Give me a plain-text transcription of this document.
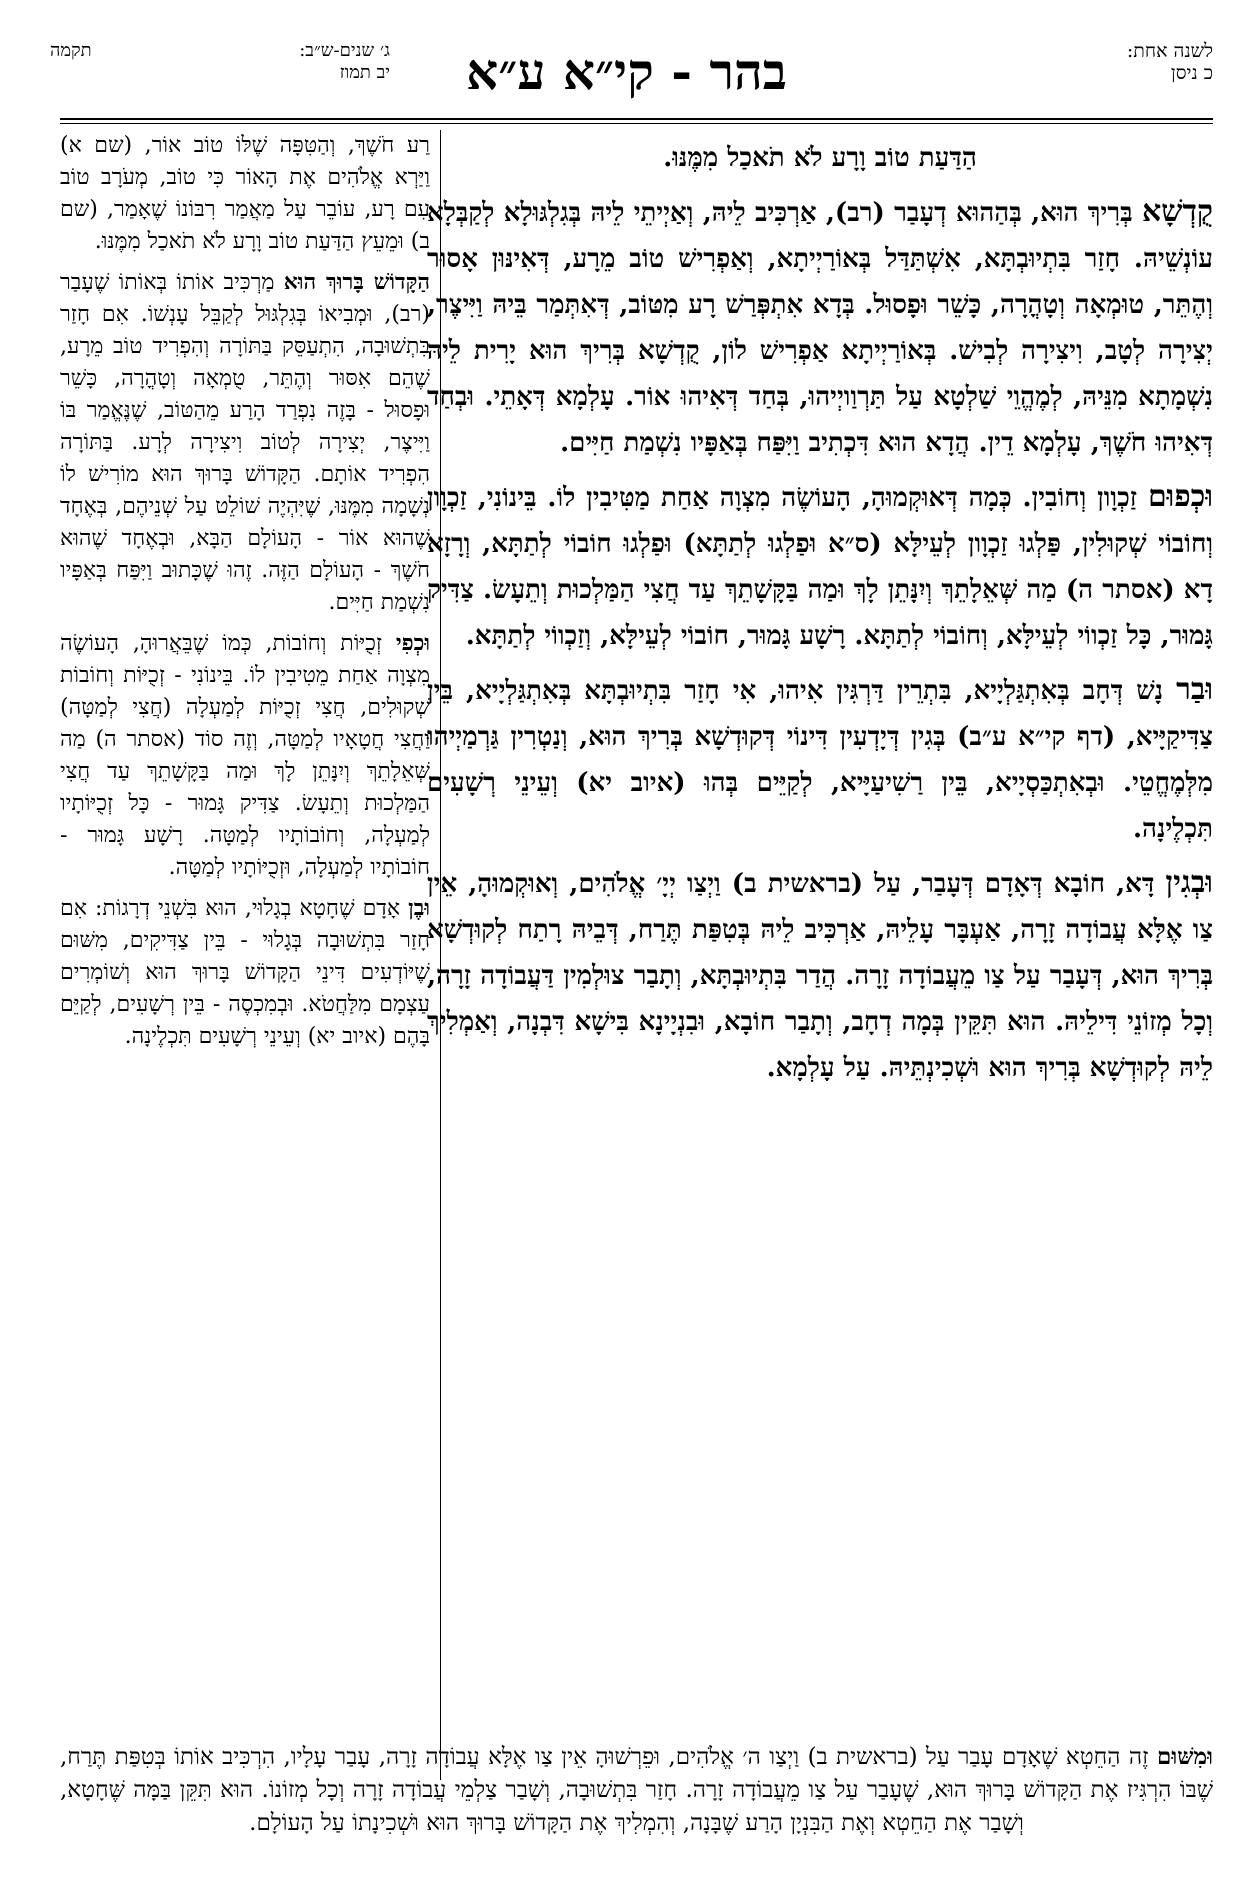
לשנה אחת:
כ ניסן
בהר - קי״א ע״א
ג׳ שנים-ש״ב:
תקמה
יב תמוז

הַדַּעַת טוֹב וָרָע לֹא תֹאכַל מִמֶּנּוּ.

קֻדְשָׁא בְּרִיךְ הוּא, בְּהַהוּא דְעָבַר (רב), אַרְכִּיב לֵיהּ, וְאַיְיתֵי לֵיהּ בְּגִלְגּוּלָא לְקַבְּלָא עוֹנְשֵׁיהּ. חָזַר בִּתְיוּבְתָּא, אִשְׁתַּדַּל בְּאוֹרַיְיתָא, וְאַפְרִישׁ טוֹב מֵרָע, דְּאִינּוּן אָסוּר וְהֶתֵּר, טוּמְאָה וְטָהֳרָה, כָּשֵׁר וּפָסוּל. בְּדָא אִתְפְּרַשׁ רָע מִטּוֹב, דְּאִתְּמַר בֵּיהּ וַיִּיצֶר, יְצִירָה לְטָב, וִיצִירָה לְבִישׁ. בְּאוֹרַיְיתָא אַפְרִישׁ לוֹן, קֻדְשָׁא בְּרִיךְ הוּא יָרִית לֵיהּ נִשְׁמָתָא מִנֵּיהּ, לְמֶהֱוֵי שַׁלְטָא עַל תַּרְוַויְיהוּ, בְּחַד דְּאִיהוּ אוֹר. עָלְמָא דְּאָתֵי. וּבְחַד דְּאִיהוּ חֹשֶׁךְ, עָלְמָא דֵין. הֲדָא הוּא דִּכְתִיב וַיִּפַּח בְּאַפָּיו נִשְׁמַת חַיִּים.

וּכְפוּם זַכְוָון וְחוֹבִין. כְּמָה דְּאוּקְמוּהָ, הָעוֹשֶׂה מִצְוָה אַחַת מַטִּיבִין לוֹ. בֵּינוֹנִי, זַכְוָון וְחוֹבוֹי שְׁקוּלִין, פַּלְגוּ זַכְוָון לְעֵילָּא (ס״א וּפַלְגוּ לְתַתָּא) וּפַלְגוּ חוֹבוֹי לְתַתָּא, וְרָזָא דָא (אסתר ה) מַה שְּׁאֵלָתֵךְ וְיִנָּתֵן לָךְ וּמַה בַּקָּשָׁתֵךְ עַד חֲצִי הַמַּלְכוּת וְתֵעָשׂ. צַדִּיק גָּמוּר, כָּל זַכְווֹי לְעֵילָּא, וְחוֹבוֹי לְתַתָּא. רָשָׁע גָּמוּר, חוֹבוֹי לְעֵילָּא, וְזַכְווֹי לְתַתָּא.

וּבַר נָשׁ דְּחָב בְּאִתְגַּלְיָיא, בִּתְרֵין דַּרְגִּין אִיהוּ, אִי חָזַר בִּתְיוּבְתָּא בְּאִתְגַּלְיָיא, בֵּין צַדִּיקַיָּיא, (דף קי״א ע״ב) בְּגִין דְּיָדְעִין דִּינוֹי דְּקוּדְשָׁא בְּרִיךְ הוּא, וְנַטְרִין גַּרְמַיְיהוּ מִלְּמֶחֱטֵי. וּבְאִתְכַּסְיָיא, בֵּין רַשִׁיעַיָּיא, לְקַיֵּים בְּהוּ (איוב יא) וְעֵינֵי רְשָׁעִים תִּכְלֶינָה.

וּבְגִין דָּא, חוֹבָא דְּאָדָם דְּעָבַר, עַל (בראשית ב) וַיְצַו יְיָ׳ אֱלֹהִים, וְאוּקְמוּהָ, אֵין צַו אֶלָּא עֲבוֹדָה זָרָה, אַעְבָּר עָלֵיהּ, אַרְכִּיב לֵיהּ בְּטִפַּת תֶּרַח, דְּבֵיהּ רָתַח לְקוּדְשָׁא בְּרִיךְ הוּא, דְּעָבַר עַל צַו מֵעֲבוֹדָה זָרָה. הֲדַר בִּתְיוּבְתָּא, וְתָבַר צוּלְמִין דַּעֲבוֹדָה זָרָה, וְכָל מְזוֹנֵי דִּילֵיהּ. הוּא תִּקֵּין בְּמָה דְחָב, וְתָבַר חוֹבָא, וּבִנְיָינָא בִּישָׁא דִּבְנָה, וְאַמְלִיךְ לֵיהּ לְקוּדְשָׁא בְּרִיךְ הוּא וּשְׁכִינְתֵּיהּ. עַל עָלְמָא.

רַע חֹשֶׁךְ, וְהַטִּפָּה שֶׁלּוֹ טוֹב אוֹר, (שם א) וַיַּרְא אֱלֹהִים אֶת הָאוֹר כִּי טוֹב, מְעֹרָב טוֹב עִם רָע, עוֹבֵר עַל מַאֲמַר רִבּוֹנוֹ שֶׁאָמַר, (שם ב) וּמֵעֵץ הַדַּעַת טוֹב וָרָע לֹא תֹאכַל מִמֶּנּוּ.

הַקָּדוֹשׁ בָּרוּךְ הוּא מַרְכִּיב אוֹתוֹ בְּאוֹתוֹ שֶׁעָבַר (רב), וּמְבִיאוֹ בְּגִלְגּוּל לְקַבֵּל עָנְשׁוֹ. אִם חָזַר בִּתְשׁוּבָה, הִתְעַסֵּק בַּתּוֹרָה וְהִפְרִיד טוֹב מֵרָע, שֶׁהֵם אִסּוּר וְהֶתֵּר, טֻמְאָה וְטָהֳרָה, כָּשֵׁר וּפָסוּל - בָּזֶה נִפְרַד הָרַע מֵהַטּוֹב, שֶׁנֶּאֱמַר בּוֹ וַיִּיצֶר, יְצִירָה לְטוֹב וִיצִירָה לְרָע. בַּתּוֹרָה הִפְרִיד אוֹתָם. הַקָּדוֹשׁ בָּרוּךְ הוּא מוֹרִישׁ לוֹ נְשָׁמָה מִמֶּנּוּ, שֶׁיִּהְיֶה שׁוֹלֵט עַל שְׁנֵיהֶם, בְּאֶחָד שֶׁהוּא אוֹר - הָעוֹלָם הַבָּא, וּבְאֶחָד שֶׁהוּא חֹשֶׁךְ - הָעוֹלָם הַזֶּה. זֶהוּ שֶׁכָּתוּב וַיִּפַּח בְּאַפָּיו נִשְׁמַת חַיִּים.

וּכְפִי זְכֻיּוֹת וְחוֹבוֹת, כְּמוֹ שֶׁבֵּאֲרוּהָ, הָעוֹשֶׂה מִצְוָה אַחַת מֵטִיבִין לוֹ. בֵּינוֹנִי - זְכֻיּוֹת וְחוֹבוֹת שְׁקוּלִים, חֲצִי זְכֻיּוֹת לְמַעְלָה (חֲצִי לְמַטָּה) וַחֲצִי חֲטָאָיו לְמַטָּה, וְזֶה סוֹד (אסתר ה) מַה שְּׁאֵלָתֵךְ וְיִנָּתֵן לָךְ וּמַה בַּקָּשָׁתֵךְ עַד חֲצִי הַמַּלְכוּת וְתֵעָשׂ. צַדִּיק גָּמוּר - כָּל זְכֻיּוֹתָיו לְמַעְלָה, וְחוֹבוֹתָיו לְמַטָּה. רָשָׁע גָּמוּר - חוֹבוֹתָיו לְמַעְלָה, וּזְכֻיּוֹתָיו לְמַטָּה.

וּבֶן אָדָם שֶׁחָטָא בְגָלוּי, הוּא בִּשְׁנֵי דְרָגוֹת: אִם חָזַר בִּתְשׁוּבָה בְּגָלוּי - בֵּין צַדִּיקִים, מִשּׁוּם שֶׁיּוֹדְעִים דִּינֵי הַקָּדוֹשׁ בָּרוּךְ הוּא וְשׁוֹמְרִים עַצְמָם מִלַּחֲטֹא. וּבְמִכְסֶה - בֵּין רְשָׁעִים, לְקַיֵּם בָּהֶם (איוב יא) וְעֵינֵי רְשָׁעִים תִּכְלֶינָה.

וּמִשּׁוּם זֶה הַחֵטְא שֶׁאָדָם עָבַר עַל (בראשית ב) וַיְצַו ה׳ אֱלֹהִים, וּפֵרְשׁוּהָ אֵין צַו אֶלָּא עֲבוֹדָה זָרָה, עָבַר עָלָיו, הִרְכִּיב אוֹתוֹ בְּטִפַּת תֶּרַח, שֶׁבּוֹ הִרְגִּיז אֶת הַקָּדוֹשׁ בָּרוּךְ הוּא, שֶׁעָבַר עַל צַו מֵעֲבוֹדָה זָרָה. חָזַר בִּתְשׁוּבָה, וְשָׁבַר צַלְמֵי עֲבוֹדָה זָרָה וְכָל מְזוֹנוֹ. הוּא תִּקֵּן בַּמָּה שֶּׁחָטָא, וְשָׁבַר אֶת הַחֵטְא וְאֶת הַבִּנְיָן הָרַע שֶׁבָּנָה, וְהִמְלִיךְ אֶת הַקָּדוֹשׁ בָּרוּךְ הוּא וּשְׁכִינָתוֹ עַל הָעוֹלָם.
